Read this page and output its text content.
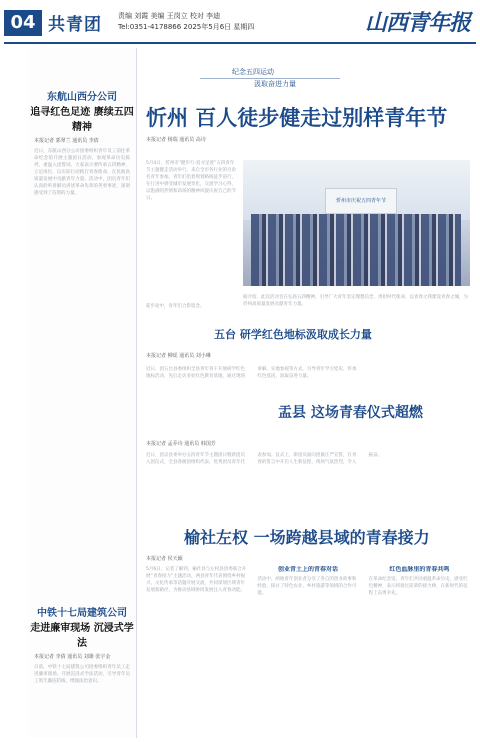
04 共青团 责编 刘霞 美编 王岗立 校对 李迪
Tel:0351-4178866 2025年5月6日 星期四	山西青年报

东航山西分公司

追寻红色足迹 赓续五四精神

本报记者 郭翠兰 通讯员 李倩
近日，东航山西分公司团委组织青年员工前往革命纪念馆开展主题团日活动，参观革命历史陈列，重温入团誓词。大家表示要传承五四精神，立足岗位，以实际行动践行青春使命，在民航高质量发展中贡献青年力量。活动中，团员青年们认真聆听讲解员讲述革命先辈的英勇事迹，深刻感受到了信仰的力量。

中铁十七局建筑公司

走进廉审现场 沉浸式学法

本报记者 李倩 通讯员 刘雄 张宇金
日前，中铁十七局建筑公司团委组织青年员工走进廉审现场，开展沉浸式学法活动，引导青年员工筑牢廉洁防线，增强法治意识。
纪念五四运动
汲取奋进力量
忻州 百人徒步健走过别样青年节
本报记者 杨瑞 通讯员 高诗
5月4日，忻州市“健步行·追寻足迹”五四青年节主题健走活动举行，来自全市各行业的百余名青年参加。青年们沿着规划路线徒步前行，在行进中感受城市发展变化，交流学习心得，以饱满的热情和昂扬的精神风貌庆祝自己的节日。	忻州市庆祝五四青年节
据介绍，此次活动旨在弘扬五四精神，引导广大青年坚定理想信念，勇担时代使命，以青春之我建设青春之城，为忻州高质量发展贡献青年力量。
徒步途中，青年们合影留念。
五台 研学红色地标汲取成长力量
本报记者 柳瑶 通讯员 刘小琳
近日，团五台县委组织全县青年骨干开展研学红色地标活动，先后走访多处红色教育基地，通过现场讲解、实地参观等方式，引导青年学习党史、传承红色基因，汲取奋进力量。
盂县 这场青春仪式超燃
本报记者 孟乔诗 通讯员 韩国芳
近日，团盂县委举办五四青年节主题团日暨新团员入团仪式，全县各级团组织代表、优秀团员青年代表参加。仪式上，新团员面向团旗庄严宣誓，在青春的誓言中开启人生新征程，现场气氛热烈，令人振奋。
榆社左权 一场跨越县域的青春接力
本报记者 侯天颖
5月6日，记者了解到，榆社县与左权县团委联合开展“青春接力”主题活动，两县青年代表围绕乡村振兴、文化传承等话题开展交流，共同谋划区域青年发展新路径，为推动县域协同发展注入青春动能。
创业青土上的青春对话
活动中，两地青年创业者分享了各自的创业故事和经验，探讨了特色农业、乡村旅游等领域的合作可能。
红色血脉里的青春共鸣
在革命纪念馆，青年们共同重温革命历史，感受红色精神，表示将接过前辈的接力棒，在新时代的征程上奋勇争先。
